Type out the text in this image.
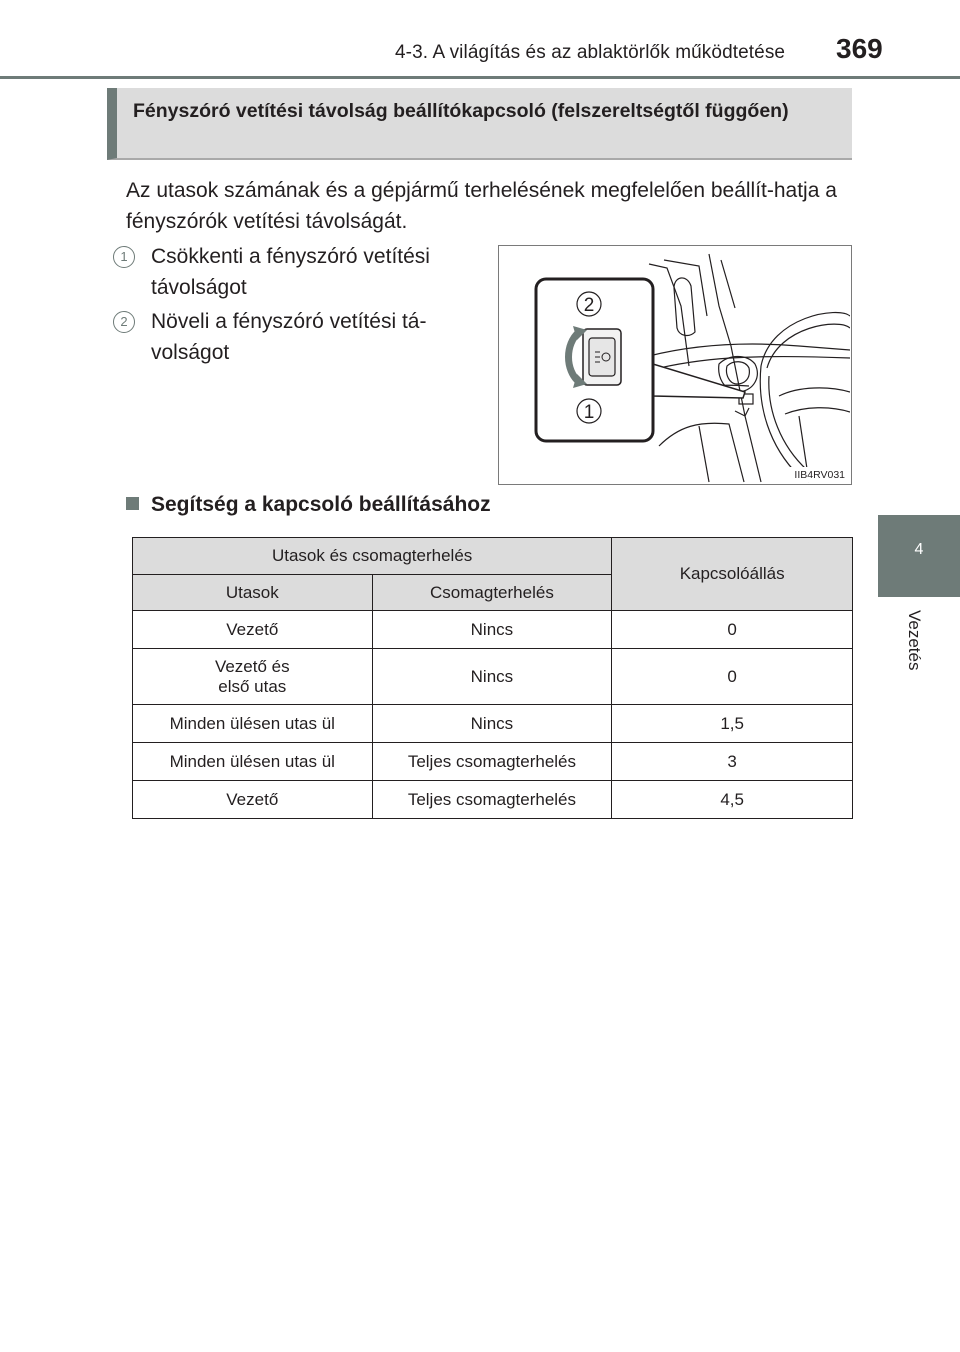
4-3. A világítás és az ablaktörlők működtetése 369
4
Vezetés
Fényszóró vetítési távolság beállítókapcsoló (felszereltségtől függően)
Az utasok számának és a gépjármű terhelésének megfelelően beállít-hatja a fényszórók vetítési távolságát.
1	Csökkenti a fényszóró vetítési távolságot
2	Növeli a fényszóró vetítési tá-volságot
2
1
IIB4RV031
Segítség a kapcsoló beállításához
Utasok és csomagterhelés		Kapcsolóállás
Utasok	Csomagterhelés	
Vezető	Nincs	0
Vezető és
első utas	Nincs	0
Minden ülésen utas ül	Nincs	1,5
Minden ülésen utas ül	Teljes csomagterhelés	3
Vezető	Teljes csomagterhelés	4,5
